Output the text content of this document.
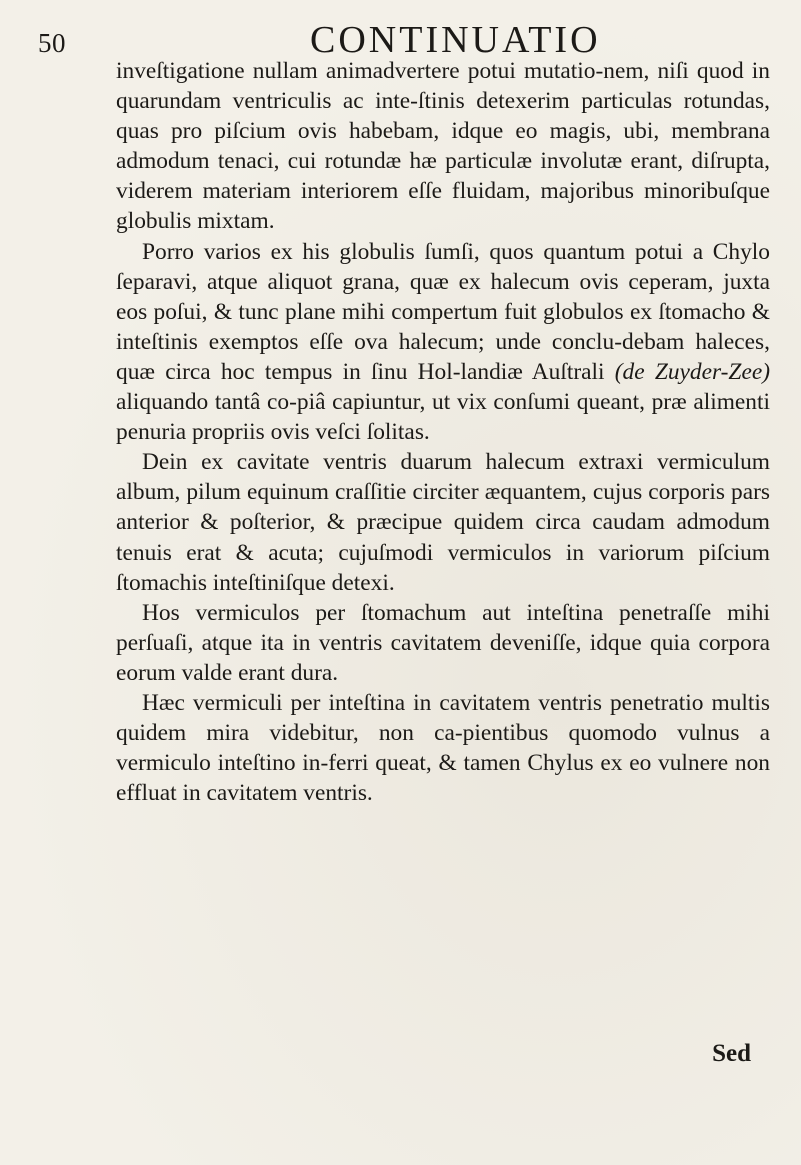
50	CONTINUATIO

inveſtigatione nullam animadvertere potui mutatio-nem, niſi quod in quarundam ventriculis ac inte-ſtinis detexerim particulas rotundas, quas pro piſcium ovis habebam, idque eo magis, ubi, membrana admodum tenaci, cui rotundæ hæ particulæ involutæ erant, diſrupta, viderem materiam interiorem eſſe fluidam, majoribus minoribuſque globulis mixtam.

Porro varios ex his globulis ſumſi, quos quantum potui a Chylo ſeparavi, atque aliquot grana, quæ ex halecum ovis ceperam, juxta eos poſui, & tunc plane mihi compertum fuit globulos ex ſtomacho & inteſtinis exemptos eſſe ova halecum; unde conclu-debam haleces, quæ circa hoc tempus in ſinu Hol-landiæ Auſtrali (de Zuyder-Zee) aliquando tantâ co-piâ capiuntur, ut vix conſumi queant, præ alimenti penuria propriis ovis veſci ſolitas.

Dein ex cavitate ventris duarum halecum extraxi vermiculum album, pilum equinum craſſitie circiter æquantem, cujus corporis pars anterior & poſterior, & præcipue quidem circa caudam admodum tenuis erat & acuta; cujuſmodi vermiculos in variorum piſcium ſtomachis inteſtiniſque detexi.

Hos vermiculos per ſtomachum aut inteſtina penetraſſe mihi perſuaſi, atque ita in ventris cavitatem deveniſſe, idque quia corpora eorum valde erant dura.

Hæc vermiculi per inteſtina in cavitatem ventris penetratio multis quidem mira videbitur, non ca-pientibus quomodo vulnus a vermiculo inteſtino in-ferri queat, & tamen Chylus ex eo vulnere non effluat in cavitatem ventris.

Sed
